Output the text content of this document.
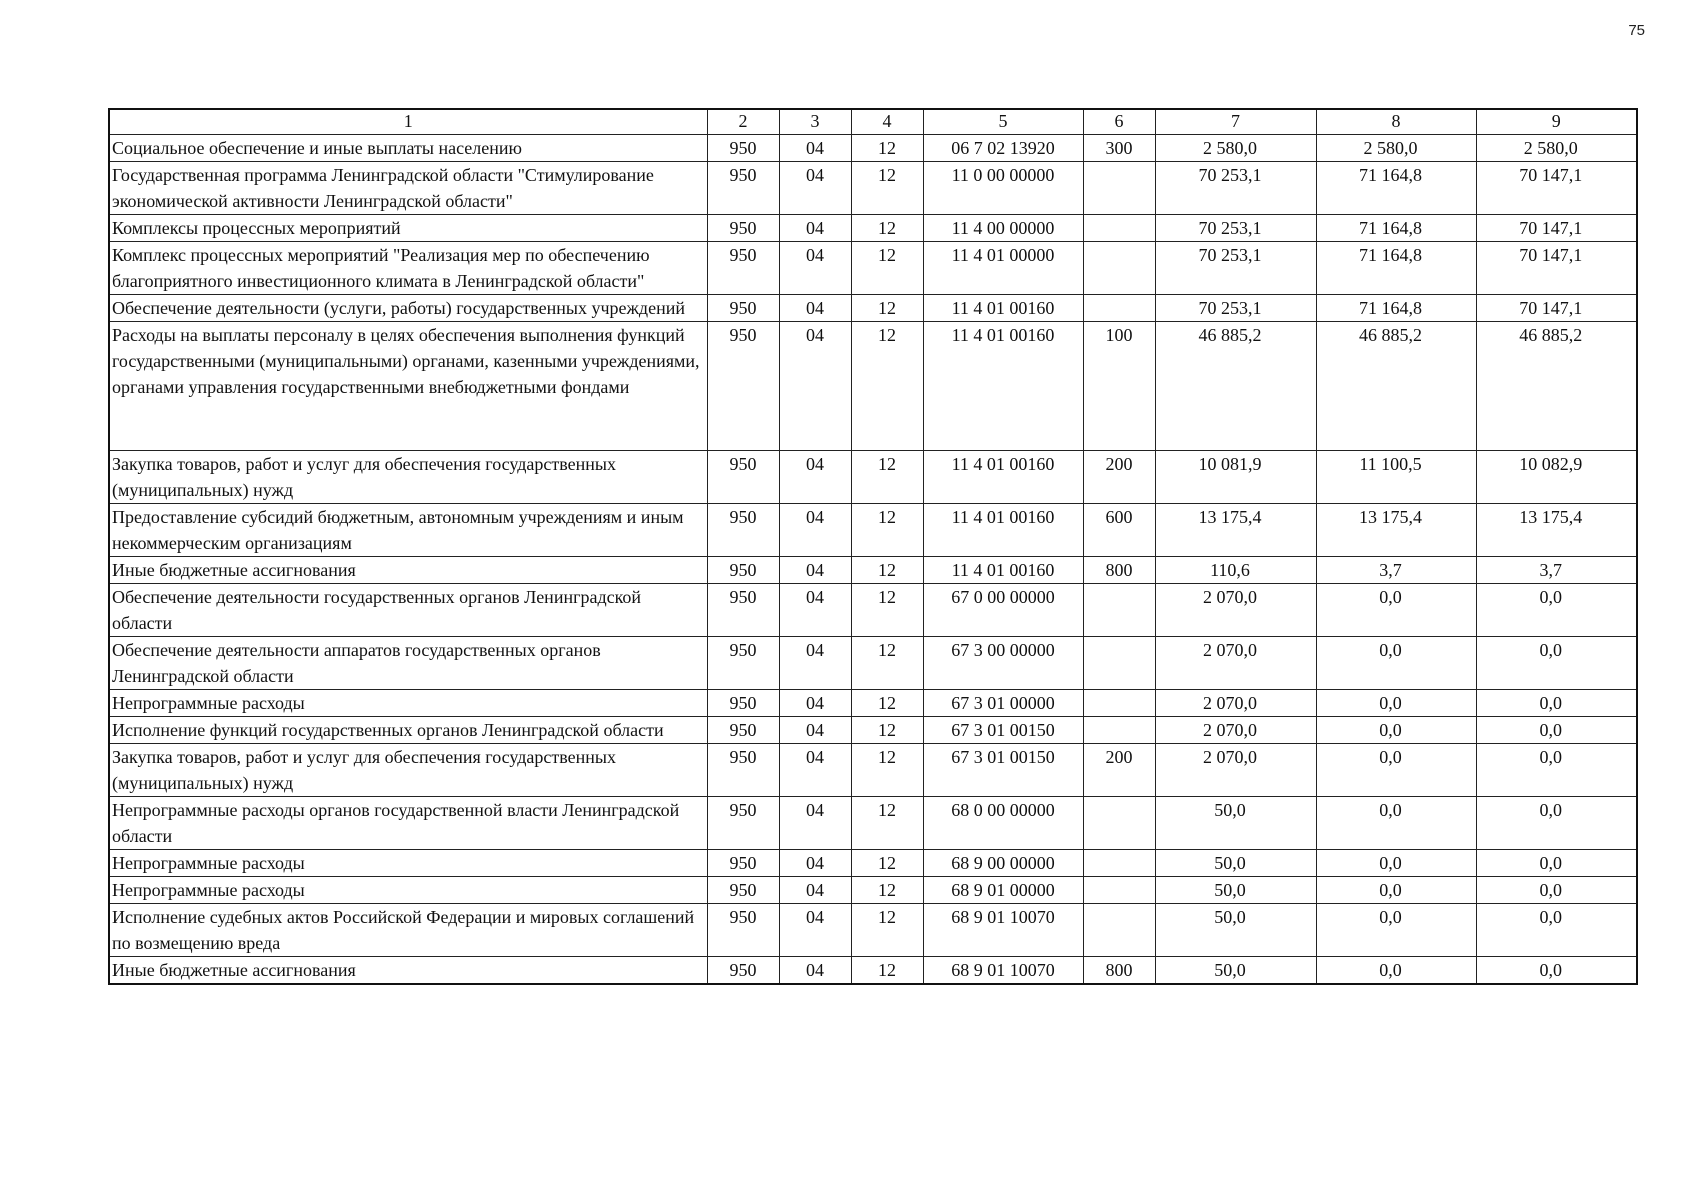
75
1	2	3	4	5	6	7	8	9
Социальное обеспечение и иные выплаты населению	950	04	12	06 7 02 13920	300	2 580,0	2 580,0	2 580,0
Государственная программа Ленинградской области "Стимулирование экономической активности Ленинградской области"	950	04	12	11 0 00 00000		70 253,1	71 164,8	70 147,1
Комплексы процессных мероприятий	950	04	12	11 4 00 00000		70 253,1	71 164,8	70 147,1
Комплекс процессных мероприятий "Реализация мер по обеспечению благоприятного инвестиционного климата в Ленинградской области"	950	04	12	11 4 01 00000		70 253,1	71 164,8	70 147,1
Обеспечение деятельности (услуги, работы) государственных учреждений	950	04	12	11 4 01 00160		70 253,1	71 164,8	70 147,1
Расходы на выплаты персоналу в целях обеспечения выполнения функций государственными (муниципальными) органами, казенными учреждениями, органами управления государственными внебюджетными фондами	950	04	12	11 4 01 00160	100	46 885,2	46 885,2	46 885,2
Закупка товаров, работ и услуг для обеспечения государственных (муниципальных) нужд	950	04	12	11 4 01 00160	200	10 081,9	11 100,5	10 082,9
Предоставление субсидий бюджетным, автономным учреждениям и иным некоммерческим организациям	950	04	12	11 4 01 00160	600	13 175,4	13 175,4	13 175,4
Иные бюджетные ассигнования	950	04	12	11 4 01 00160	800	110,6	3,7	3,7
Обеспечение деятельности государственных органов Ленинградской области	950	04	12	67 0 00 00000		2 070,0	0,0	0,0
Обеспечение деятельности аппаратов государственных органов Ленинградской области	950	04	12	67 3 00 00000		2 070,0	0,0	0,0
Непрограммные расходы	950	04	12	67 3 01 00000		2 070,0	0,0	0,0
Исполнение функций государственных органов Ленинградской области	950	04	12	67 3 01 00150		2 070,0	0,0	0,0
Закупка товаров, работ и услуг для обеспечения государственных (муниципальных) нужд	950	04	12	67 3 01 00150	200	2 070,0	0,0	0,0
Непрограммные расходы органов государственной власти Ленинградской области	950	04	12	68 0 00 00000		50,0	0,0	0,0
Непрограммные расходы	950	04	12	68 9 00 00000		50,0	0,0	0,0
Непрограммные расходы	950	04	12	68 9 01 00000		50,0	0,0	0,0
Исполнение судебных актов Российской Федерации и мировых соглашений по возмещению вреда	950	04	12	68 9 01 10070		50,0	0,0	0,0
Иные бюджетные ассигнования	950	04	12	68 9 01 10070	800	50,0	0,0	0,0
